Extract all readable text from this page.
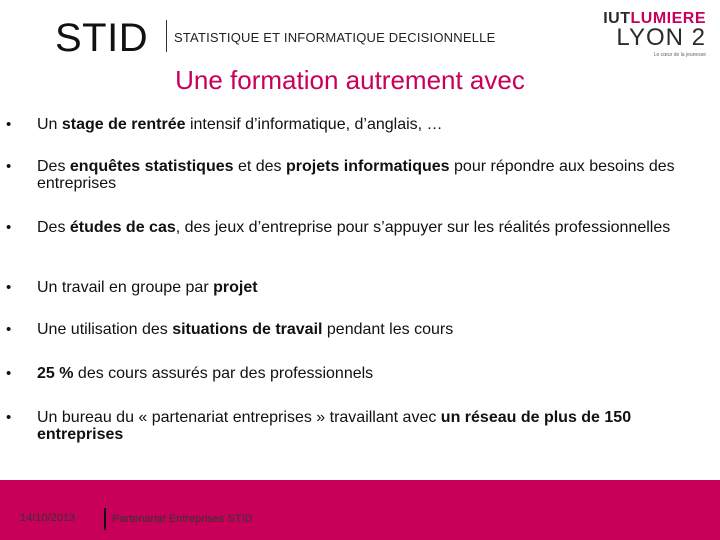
STID STATISTIQUE ET INFORMATIQUE DECISIONNELLE
IUTLUMIERE
LYON 2
Le cœur de la jeunesse
Une formation autrement avec
• Un stage de rentrée intensif d’informatique, d’anglais, …
• Des enquêtes statistiques et des projets informatiques pour répondre aux besoins des entreprises
• Des études de cas, des jeux d’entreprise pour s’appuyer sur les réalités professionnelles
• Un travail en groupe par projet
• Une utilisation des situations de travail pendant les cours
• 25 % des cours assurés par des professionnels
• Un bureau du « partenariat entreprises » travaillant avec un réseau de plus de 150 entreprises
14/10/2013	Partenariat Entreprises STID
